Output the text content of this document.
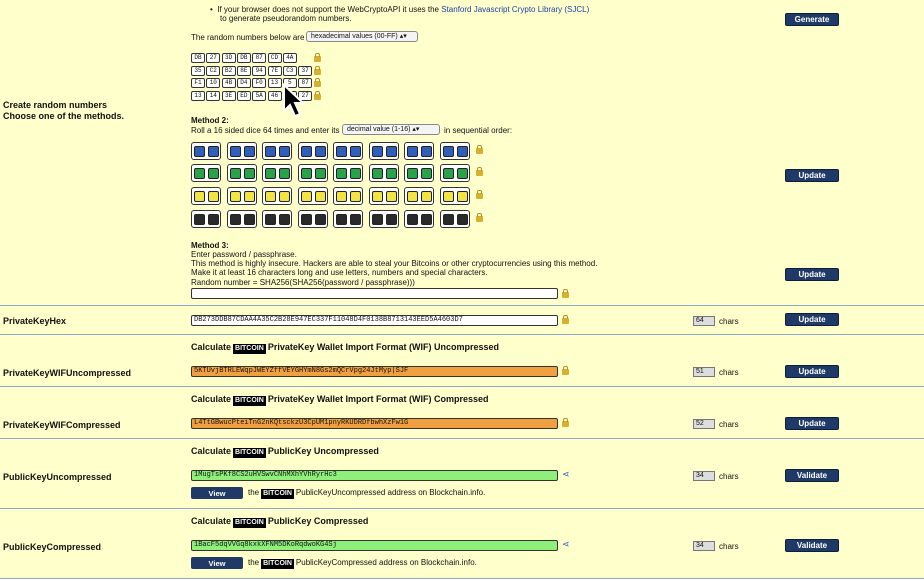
•  If your browser does not support the WebCryptoAPI it uses the Stanford Javascript Crypto Library (SJCL)
to generate pseudorandom numbers.	Generate
The random numbers below are hexadecimal values (00-FF) ▴▾
DB	27	3D	DB	87	CD	4A
35	C2	B2	8E	94	7E	C3	37
F1	10	4B	D4	F0	13	5	87
13	14	3E	ED	5A	46	27
Create random numbers
Choose one of the methods.	Method 2:
Roll a 16 sided dice 64 times and enter its	decimal value (1-16) ▴▾	in sequential order:
Update
Method 3:
Enter password / passphrase.
This method is highly insecure. Hackers are able to steal your Bitcoins or other cryptocurrencies using this method.
Make it at least 16 characters long and use letters, numbers and special characters.
Random number = SHA256(SHA256(password / passphrase)))
Update
PrivateKeyHex	DB273DDB87CDAA4A35C2B28E947EC337F11048D4F0138B8713143EED5A4603D7	64	chars	Update
Calculate BITCOIN PrivateKey Wallet Import Format (WIF) Uncompressed
PrivateKeyWIFUncompressed	5KTUvjBTRLEWqpJWEYZffVEYGHYmN8Gs2mQCrVpg24JtMyp|SJF	51	chars	Update
Calculate BITCOIN PrivateKey Wallet Import Format (WIF) Compressed
PrivateKeyWIFCompressed	L4TtGBwucPteiTnG2nKQtsckzU3CpUM1pnyRKUDRDfbwhXzFw1G	52	chars	Update
Calculate BITCOIN PublicKey Uncompressed
PublicKeyUncompressed	1MugTsPKf8CS2uHVSwvCNhMXhYVhRyrHc3	⋖	34	chars	Validate
View	the BITCOIN PublicKeyUncompressed address on Blockchain.info.
Calculate BITCOIN PublicKey Compressed
PublicKeyCompressed	1BacF5dqVVGq8kxkXFNM5DKoRqdwoKG4Sj	⋖	34	chars	Validate
View	the BITCOIN PublicKeyCompressed address on Blockchain.info.
